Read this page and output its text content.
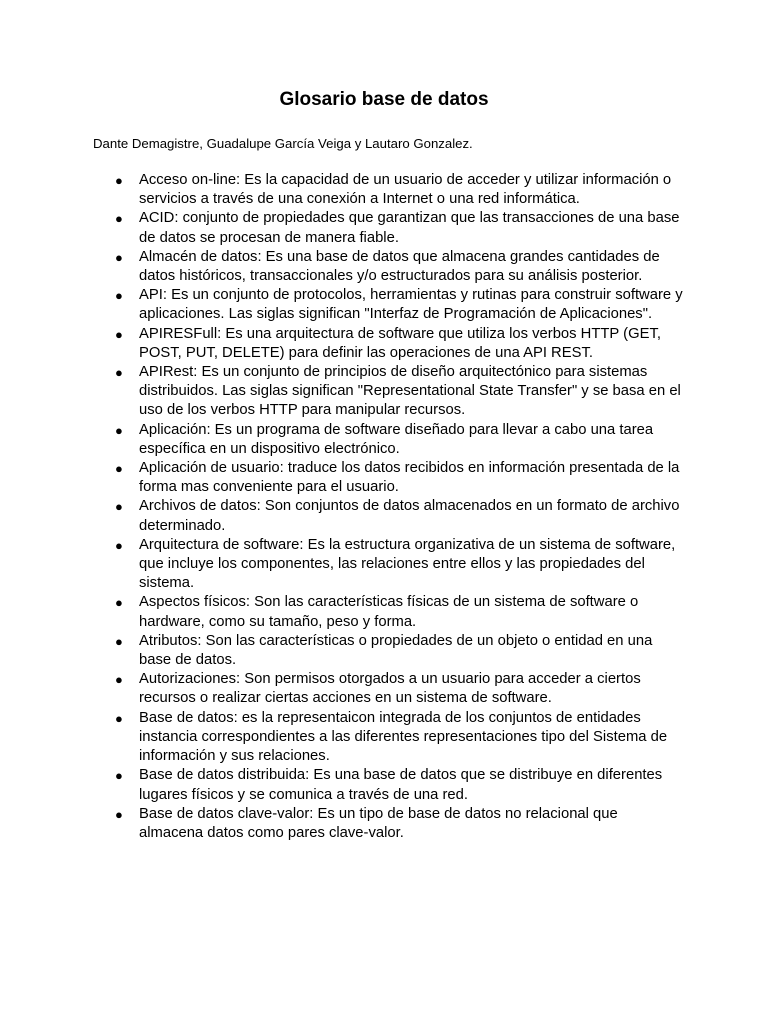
Glosario base de datos

Dante Demagistre, Guadalupe García Veiga y Lautaro Gonzalez.

● Acceso on-line: Es la capacidad de un usuario de acceder y utilizar información o servicios a través de una conexión a Internet o una red informática.
● ACID: conjunto de propiedades que garantizan que las transacciones de una base de datos se procesan de manera fiable.
● Almacén de datos: Es una base de datos que almacena grandes cantidades de datos históricos, transaccionales y/o estructurados para su análisis posterior.
● API: Es un conjunto de protocolos, herramientas y rutinas para construir software y aplicaciones. Las siglas significan "Interfaz de Programación de Aplicaciones".
● APIRESFull: Es una arquitectura de software que utiliza los verbos HTTP (GET, POST, PUT, DELETE) para definir las operaciones de una API REST.
● APIRest: Es un conjunto de principios de diseño arquitectónico para sistemas distribuidos. Las siglas significan "Representational State Transfer" y se basa en el uso de los verbos HTTP para manipular recursos.
● Aplicación: Es un programa de software diseñado para llevar a cabo una tarea específica en un dispositivo electrónico.
● Aplicación de usuario: traduce los datos recibidos en información presentada de la forma mas conveniente para el usuario.
● Archivos de datos: Son conjuntos de datos almacenados en un formato de archivo determinado.
● Arquitectura de software: Es la estructura organizativa de un sistema de software, que incluye los componentes, las relaciones entre ellos y las propiedades del sistema.
● Aspectos físicos: Son las características físicas de un sistema de software o hardware, como su tamaño, peso y forma.
● Atributos: Son las características o propiedades de un objeto o entidad en una base de datos.
● Autorizaciones: Son permisos otorgados a un usuario para acceder a ciertos recursos o realizar ciertas acciones en un sistema de software.
● Base de datos: es la representaicon integrada de los conjuntos de entidades instancia correspondientes a las diferentes representaciones tipo del Sistema de información y sus relaciones.
● Base de datos distribuida: Es una base de datos que se distribuye en diferentes lugares físicos y se comunica a través de una red.
● Base de datos clave-valor: Es un tipo de base de datos no relacional que almacena datos como pares clave-valor.
